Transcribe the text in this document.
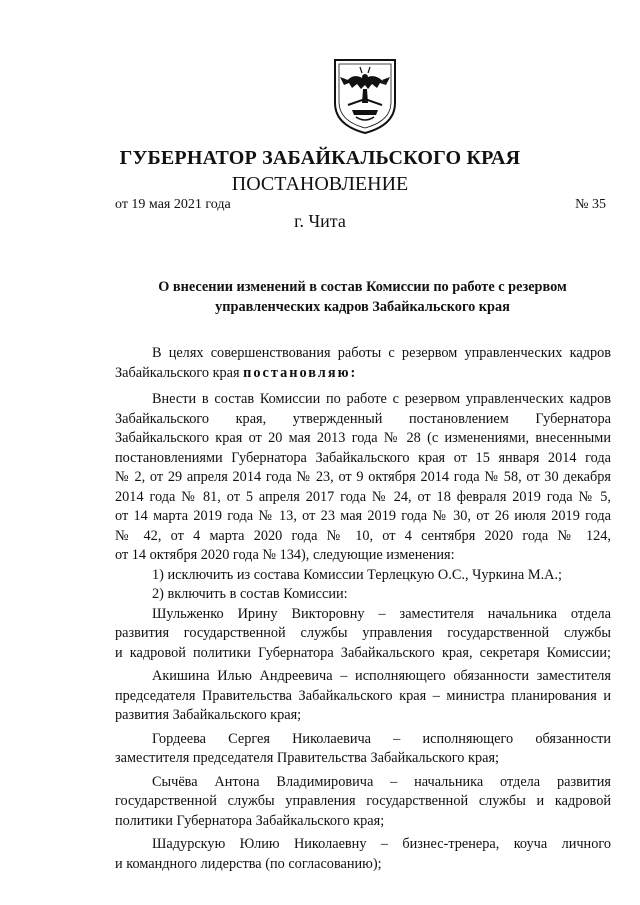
ГУБЕРНАТОР ЗАБАЙКАЛЬСКОГО КРАЯ
ПОСТАНОВЛЕНИЕ
от 19 мая 2021 года	№ 35
г. Чита
О внесении изменений в состав Комиссии по работе с резервом
управленческих кадров Забайкальского края
В целях совершенствования работы с резервом управленческих кадров
Забайкальского края постановляю:
Внести в состав Комиссии по работе с резервом управленческих кадров
Забайкальского края, утвержденный постановлением Губернатора
Забайкальского края от 20 мая 2013 года № 28 (с изменениями, внесенными
постановлениями Губернатора Забайкальского края от 15 января 2014 года
№ 2, от 29 апреля 2014 года № 23, от 9 октября 2014 года № 58, от 30 декабря
2014 года № 81, от 5 апреля 2017 года № 24, от 18 февраля 2019 года № 5,
от 14 марта 2019 года № 13, от 23 мая 2019 года № 30, от 26 июля 2019 года
№ 42, от 4 марта 2020 года № 10, от 4 сентября 2020 года № 124,
от 14 октября 2020 года № 134), следующие изменения:
1) исключить из состава Комиссии Терлецкую О.С., Чуркина М.А.;
2) включить в состав Комиссии:
Шульженко Ирину Викторовну – заместителя начальника отдела
развития государственной службы управления государственной службы
и кадровой политики Губернатора Забайкальского края, секретаря Комиссии;
Акишина Илью Андреевича – исполняющего обязанности заместителя
председателя Правительства Забайкальского края – министра планирования и
развития Забайкальского края;
Гордеева Сергея Николаевича – исполняющего обязанности
заместителя председателя Правительства Забайкальского края;
Сычёва Антона Владимировича – начальника отдела развития
государственной службы управления государственной службы и кадровой
политики Губернатора Забайкальского края;
Шадурскую Юлию Николаевну – бизнес-тренера, коуча личного
и командного лидерства (по согласованию);
